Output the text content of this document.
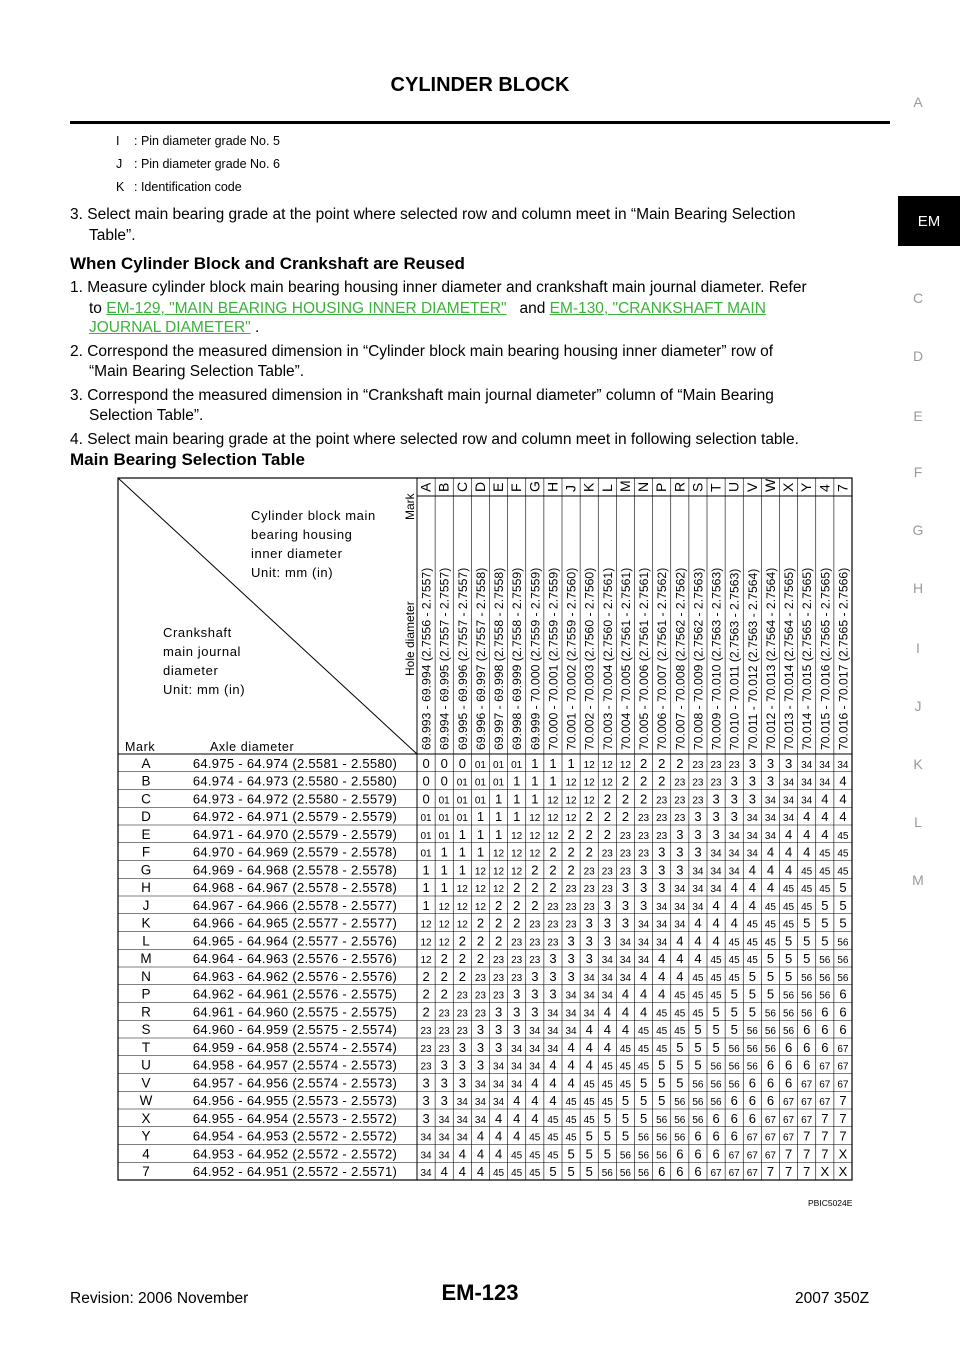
CYLINDER BLOCK
A
EM
C
D
E
F
G
H
I
J
K
L
M
I : Pin diameter grade No. 5
J : Pin diameter grade No. 6
K : Identification code
3. Select main bearing grade at the point where selected row and column meet in “Main Bearing Selection
Table”.
When Cylinder Block and Crankshaft are Reused
1. Measure cylinder block main bearing housing inner diameter and crankshaft main journal diameter. Refer
to EM-129, "MAIN BEARING HOUSING INNER DIAMETER" and EM-130, "CRANKSHAFT MAIN
JOURNAL DIAMETER" .
2. Correspond the measured dimension in “Cylinder block main bearing housing inner diameter” row of
“Main Bearing Selection Table”.
3. Correspond the measured dimension in “Crankshaft main journal diameter” column of “Main Bearing
Selection Table”.
4. Select main bearing grade at the point where selected row and column meet in following selection table.
Main Bearing Selection Table
Cylinder block main
bearing housing
inner diameter
Unit: mm (in)
Crankshaft
main journal
diameter
Unit: mm (in)
Mark	Axle diameter
Mark
Hole diameter
A
69.993 - 69.994 (2.7556 - 2.7557)
B
69.994 - 69.995 (2.7557 - 2.7557)
C
69.995 - 69.996 (2.7557 - 2.7557)
D
69.996 - 69.997 (2.7557 - 2.7558)
E
69.997 - 69.998 (2.7558 - 2.7558)
F
69.998 - 69.999 (2.7558 - 2.7559)
G
69.999 - 70.000 (2.7559 - 2.7559)
H
70.000 - 70.001 (2.7559 - 2.7559)
J
70.001 - 70.002 (2.7559 - 2.7560)
K
70.002 - 70.003 (2.7560 - 2.7560)
L
70.003 - 70.004 (2.7560 - 2.7561)
M
70.004 - 70.005 (2.7561 - 2.7561)
N
70.005 - 70.006 (2.7561 - 2.7561)
P
70.006 - 70.007 (2.7561 - 2.7562)
R
70.007 - 70.008 (2.7562 - 2.7562)
S
70.008 - 70.009 (2.7562 - 2.7563)
T
70.009 - 70.010 (2.7563 - 2.7563)
U
70.010 - 70.011 (2.7563 - 2.7563)
V
70.011 - 70.012 (2.7563 - 2.7564)
W
70.012 - 70.013 (2.7564 - 2.7564)
X
70.013 - 70.014 (2.7564 - 2.7565)
Y
70.014 - 70.015 (2.7565 - 2.7565)
4
70.015 - 70.016 (2.7565 - 2.7565)
7
70.016 - 70.017 (2.7565 - 2.7566)
A	64.975 - 64.974 (2.5581 - 2.5580) 0 0 0 01 01 01 1 1 1 12 12 12 2 2 2 23 23 23 3 3 3 34 34 34
B	64.974 - 64.973 (2.5580 - 2.5580) 0 0 01 01 01 1 1 1 12 12 12 2 2 2 23 23 23 3 3 3 34 34 34 4
C	64.973 - 64.972 (2.5580 - 2.5579) 0 01 01 01 1 1 1 12 12 12 2 2 2 23 23 23 3 3 3 34 34 34 4 4
D	64.972 - 64.971 (2.5579 - 2.5579) 01 01 01 1 1 1 12 12 12 2 2 2 23 23 23 3 3 3 34 34 34 4 4 4
E	64.971 - 64.970 (2.5579 - 2.5579) 01 01 1 1 1 12 12 12 2 2 2 23 23 23 3 3 3 34 34 34 4 4 4 45
F	64.970 - 64.969 (2.5579 - 2.5578) 01 1 1 1 12 12 12 2 2 2 23 23 23 3 3 3 34 34 34 4 4 4 45 45
G	64.969 - 64.968 (2.5578 - 2.5578) 1 1 1 12 12 12 2 2 2 23 23 23 3 3 3 34 34 34 4 4 4 45 45 45
H	64.968 - 64.967 (2.5578 - 2.5578) 1 1 12 12 12 2 2 2 23 23 23 3 3 3 34 34 34 4 4 4 45 45 45 5
J	64.967 - 64.966 (2.5578 - 2.5577) 1 12 12 12 2 2 2 23 23 23 3 3 3 34 34 34 4 4 4 45 45 45 5 5
K	64.966 - 64.965 (2.5577 - 2.5577) 12 12 12 2 2 2 23 23 23 3 3 3 34 34 34 4 4 4 45 45 45 5 5 5
L	64.965 - 64.964 (2.5577 - 2.5576) 12 12 2 2 2 23 23 23 3 3 3 34 34 34 4 4 4 45 45 45 5 5 5 56
M	64.964 - 64.963 (2.5576 - 2.5576) 12 2 2 2 23 23 23 3 3 3 34 34 34 4 4 4 45 45 45 5 5 5 56 56
N	64.963 - 64.962 (2.5576 - 2.5576) 2 2 2 23 23 23 3 3 3 34 34 34 4 4 4 45 45 45 5 5 5 56 56 56
P	64.962 - 64.961 (2.5576 - 2.5575) 2 2 23 23 23 3 3 3 34 34 34 4 4 4 45 45 45 5 5 5 56 56 56 6
R	64.961 - 64.960 (2.5575 - 2.5575) 2 23 23 23 3 3 3 34 34 34 4 4 4 45 45 45 5 5 5 56 56 56 6 6
S	64.960 - 64.959 (2.5575 - 2.5574) 23 23 23 3 3 3 34 34 34 4 4 4 45 45 45 5 5 5 56 56 56 6 6 6
T	64.959 - 64.958 (2.5574 - 2.5574) 23 23 3 3 3 34 34 34 4 4 4 45 45 45 5 5 5 56 56 56 6 6 6 67
U	64.958 - 64.957 (2.5574 - 2.5573) 23 3 3 3 34 34 34 4 4 4 45 45 45 5 5 5 56 56 56 6 6 6 67 67
V	64.957 - 64.956 (2.5574 - 2.5573) 3 3 3 34 34 34 4 4 4 45 45 45 5 5 5 56 56 56 6 6 6 67 67 67
W	64.956 - 64.955 (2.5573 - 2.5573) 3 3 34 34 34 4 4 4 45 45 45 5 5 5 56 56 56 6 6 6 67 67 67 7
X	64.955 - 64.954 (2.5573 - 2.5572) 3 34 34 34 4 4 4 45 45 45 5 5 5 56 56 56 6 6 6 67 67 67 7 7
Y	64.954 - 64.953 (2.5572 - 2.5572) 34 34 34 4 4 4 45 45 45 5 5 5 56 56 56 6 6 6 67 67 67 7 7 7
4	64.953 - 64.952 (2.5572 - 2.5572) 34 34 4 4 4 45 45 45 5 5 5 56 56 56 6 6 6 67 67 67 7 7 7 X
7	64.952 - 64.951 (2.5572 - 2.5571) 34 4 4 4 45 45 45 5 5 5 56 56 56 6 6 6 67 67 67 7 7 7 X X
PBIC5024E
Revision: 2006 November	EM-123	2007 350Z
